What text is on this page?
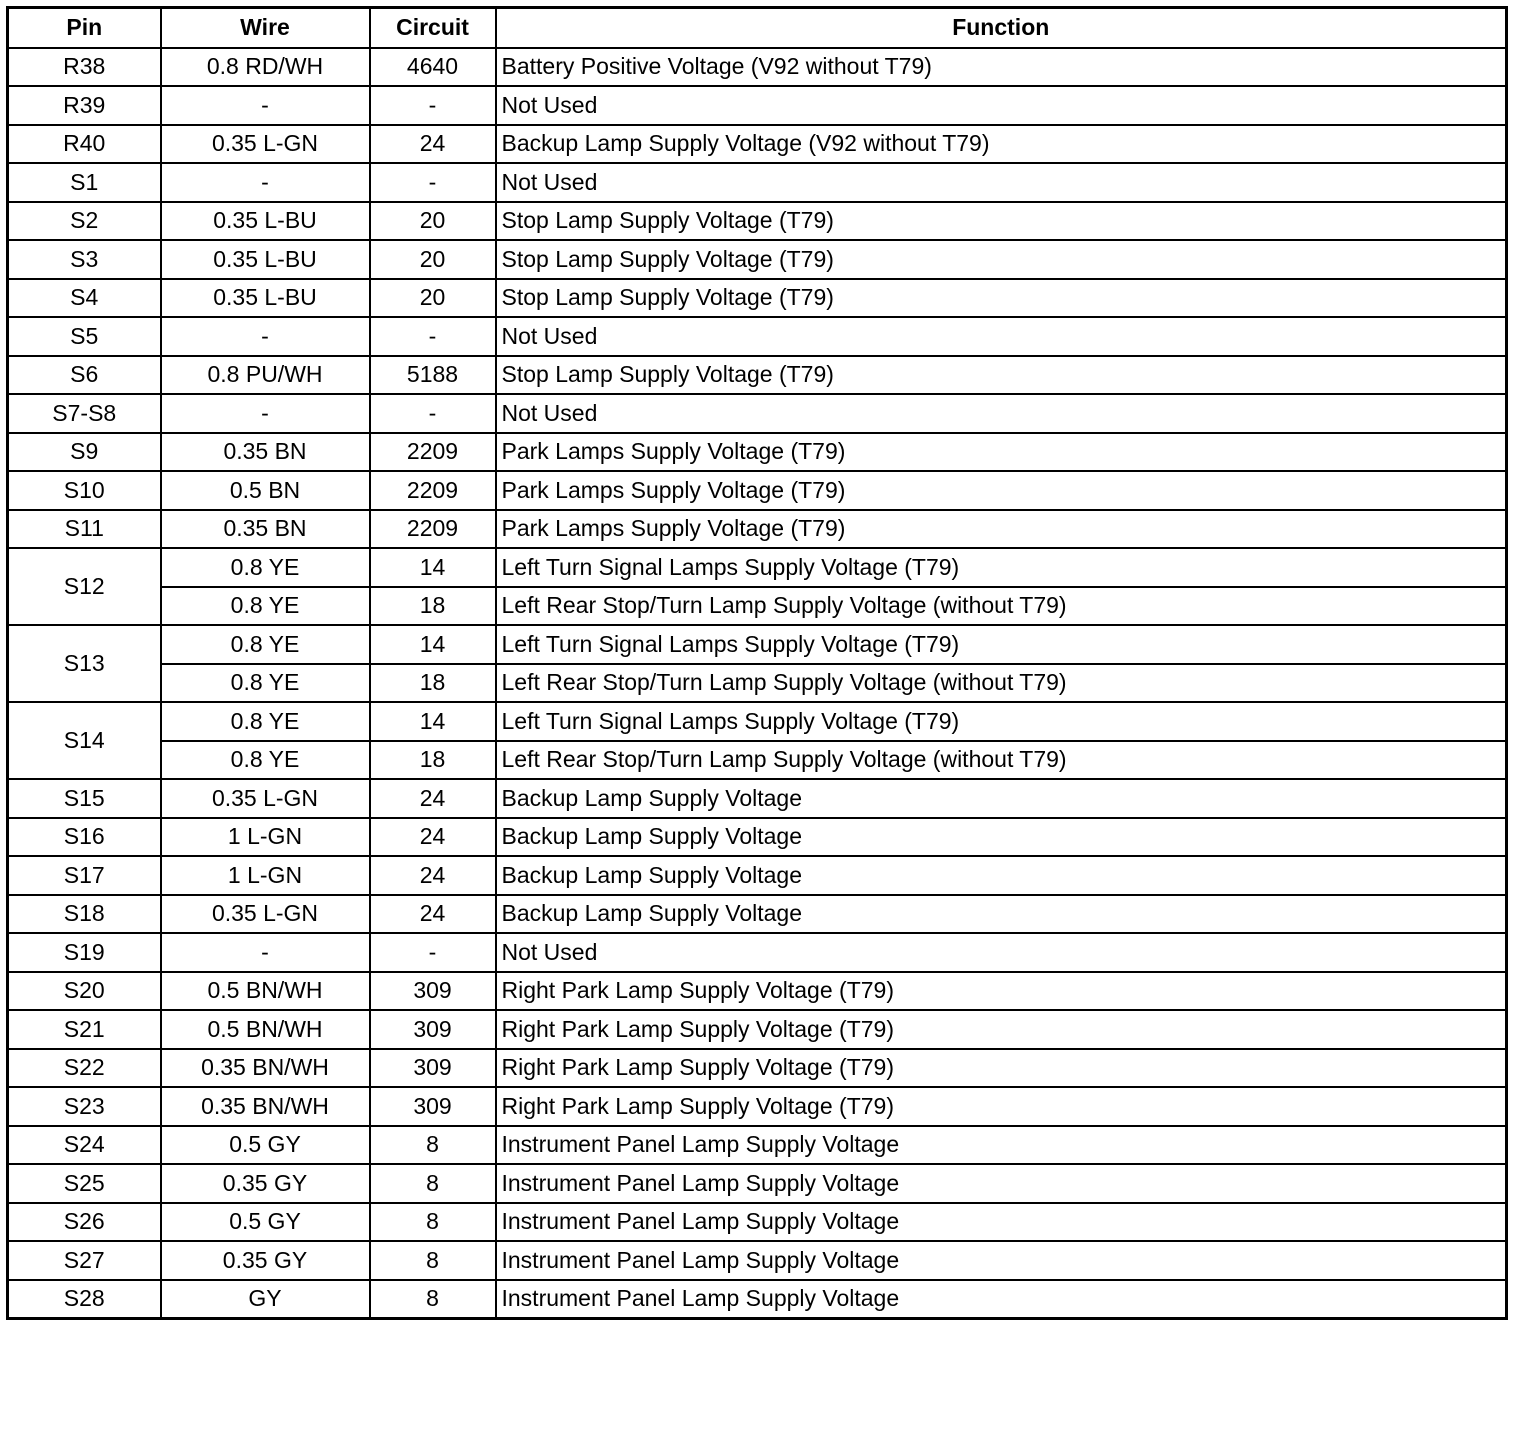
Pin	Wire	Circuit	Function
R38	0.8 RD/WH	4640	Battery Positive Voltage (V92 without T79)
R39	-	-	Not Used
R40	0.35 L-GN	24	Backup Lamp Supply Voltage (V92 without T79)
S1	-	-	Not Used
S2	0.35 L-BU	20	Stop Lamp Supply Voltage (T79)
S3	0.35 L-BU	20	Stop Lamp Supply Voltage (T79)
S4	0.35 L-BU	20	Stop Lamp Supply Voltage (T79)
S5	-	-	Not Used
S6	0.8 PU/WH	5188	Stop Lamp Supply Voltage (T79)
S7-S8	-	-	Not Used
S9	0.35 BN	2209	Park Lamps Supply Voltage (T79)
S10	0.5 BN	2209	Park Lamps Supply Voltage (T79)
S11	0.35 BN	2209	Park Lamps Supply Voltage (T79)
S12	0.8 YE	14	Left Turn Signal Lamps Supply Voltage (T79)
	0.8 YE	18	Left Rear Stop/Turn Lamp Supply Voltage (without T79)
S13	0.8 YE	14	Left Turn Signal Lamps Supply Voltage (T79)
	0.8 YE	18	Left Rear Stop/Turn Lamp Supply Voltage (without T79)
S14	0.8 YE	14	Left Turn Signal Lamps Supply Voltage (T79)
	0.8 YE	18	Left Rear Stop/Turn Lamp Supply Voltage (without T79)
S15	0.35 L-GN	24	Backup Lamp Supply Voltage
S16	1 L-GN	24	Backup Lamp Supply Voltage
S17	1 L-GN	24	Backup Lamp Supply Voltage
S18	0.35 L-GN	24	Backup Lamp Supply Voltage
S19	-	-	Not Used
S20	0.5 BN/WH	309	Right Park Lamp Supply Voltage (T79)
S21	0.5 BN/WH	309	Right Park Lamp Supply Voltage (T79)
S22	0.35 BN/WH	309	Right Park Lamp Supply Voltage (T79)
S23	0.35 BN/WH	309	Right Park Lamp Supply Voltage (T79)
S24	0.5 GY	8	Instrument Panel Lamp Supply Voltage
S25	0.35 GY	8	Instrument Panel Lamp Supply Voltage
S26	0.5 GY	8	Instrument Panel Lamp Supply Voltage
S27	0.35 GY	8	Instrument Panel Lamp Supply Voltage
S28	GY	8	Instrument Panel Lamp Supply Voltage
